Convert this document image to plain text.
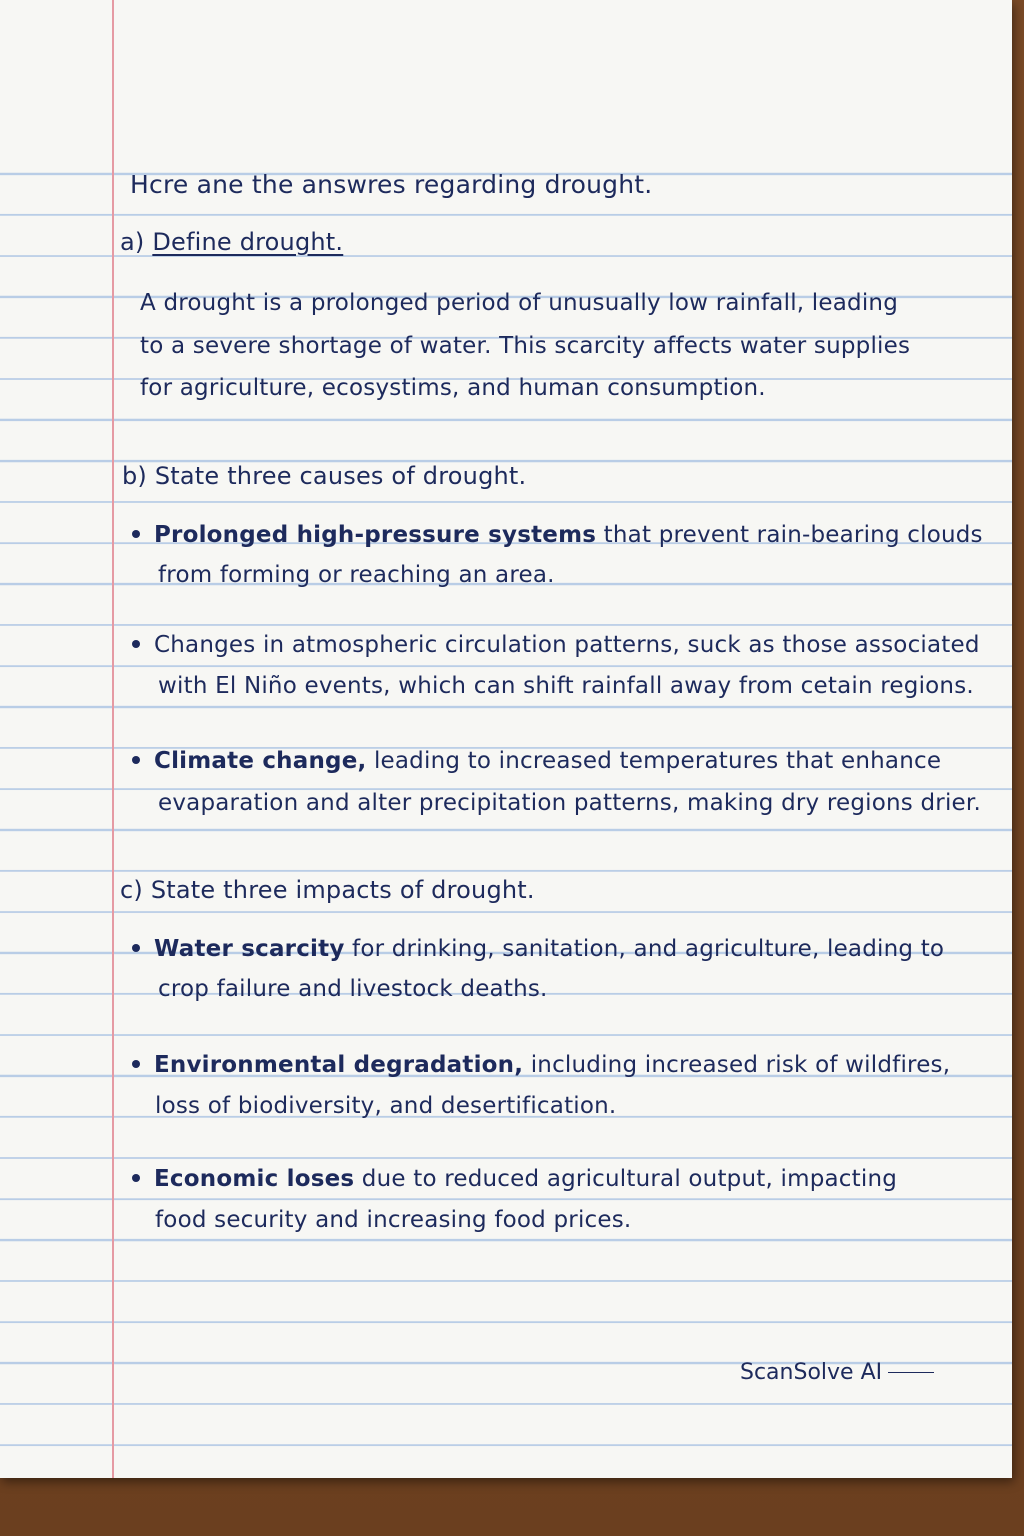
Hcre ane the answres regarding drought.

a) Define drought.

A drought is a prolonged period of unusually low rainfall, leading

to a severe shortage of water. This scarcity affects water supplies

for agriculture, ecosystims, and human consumption.

b) State three causes of drought.

Prolonged high-pressure systems that prevent rain-bearing clouds

from forming or reaching an area.

Changes in atmospheric circulation patterns, suck as those associated

with El Niño events, which can shift rainfall away from cetain regions.

Climate change, leading to increased temperatures that enhance

evaparation and alter precipitation patterns, making dry regions drier.

c) State three impacts of drought.

Water scarcity for drinking, sanitation, and agriculture, leading to

crop failure and livestock deaths.

Environmental degradation, including increased risk of wildfires,

loss of biodiversity, and desertification.

Economic loses due to reduced agricultural output, impacting

food security and increasing food prices.

ScanSolve AI
